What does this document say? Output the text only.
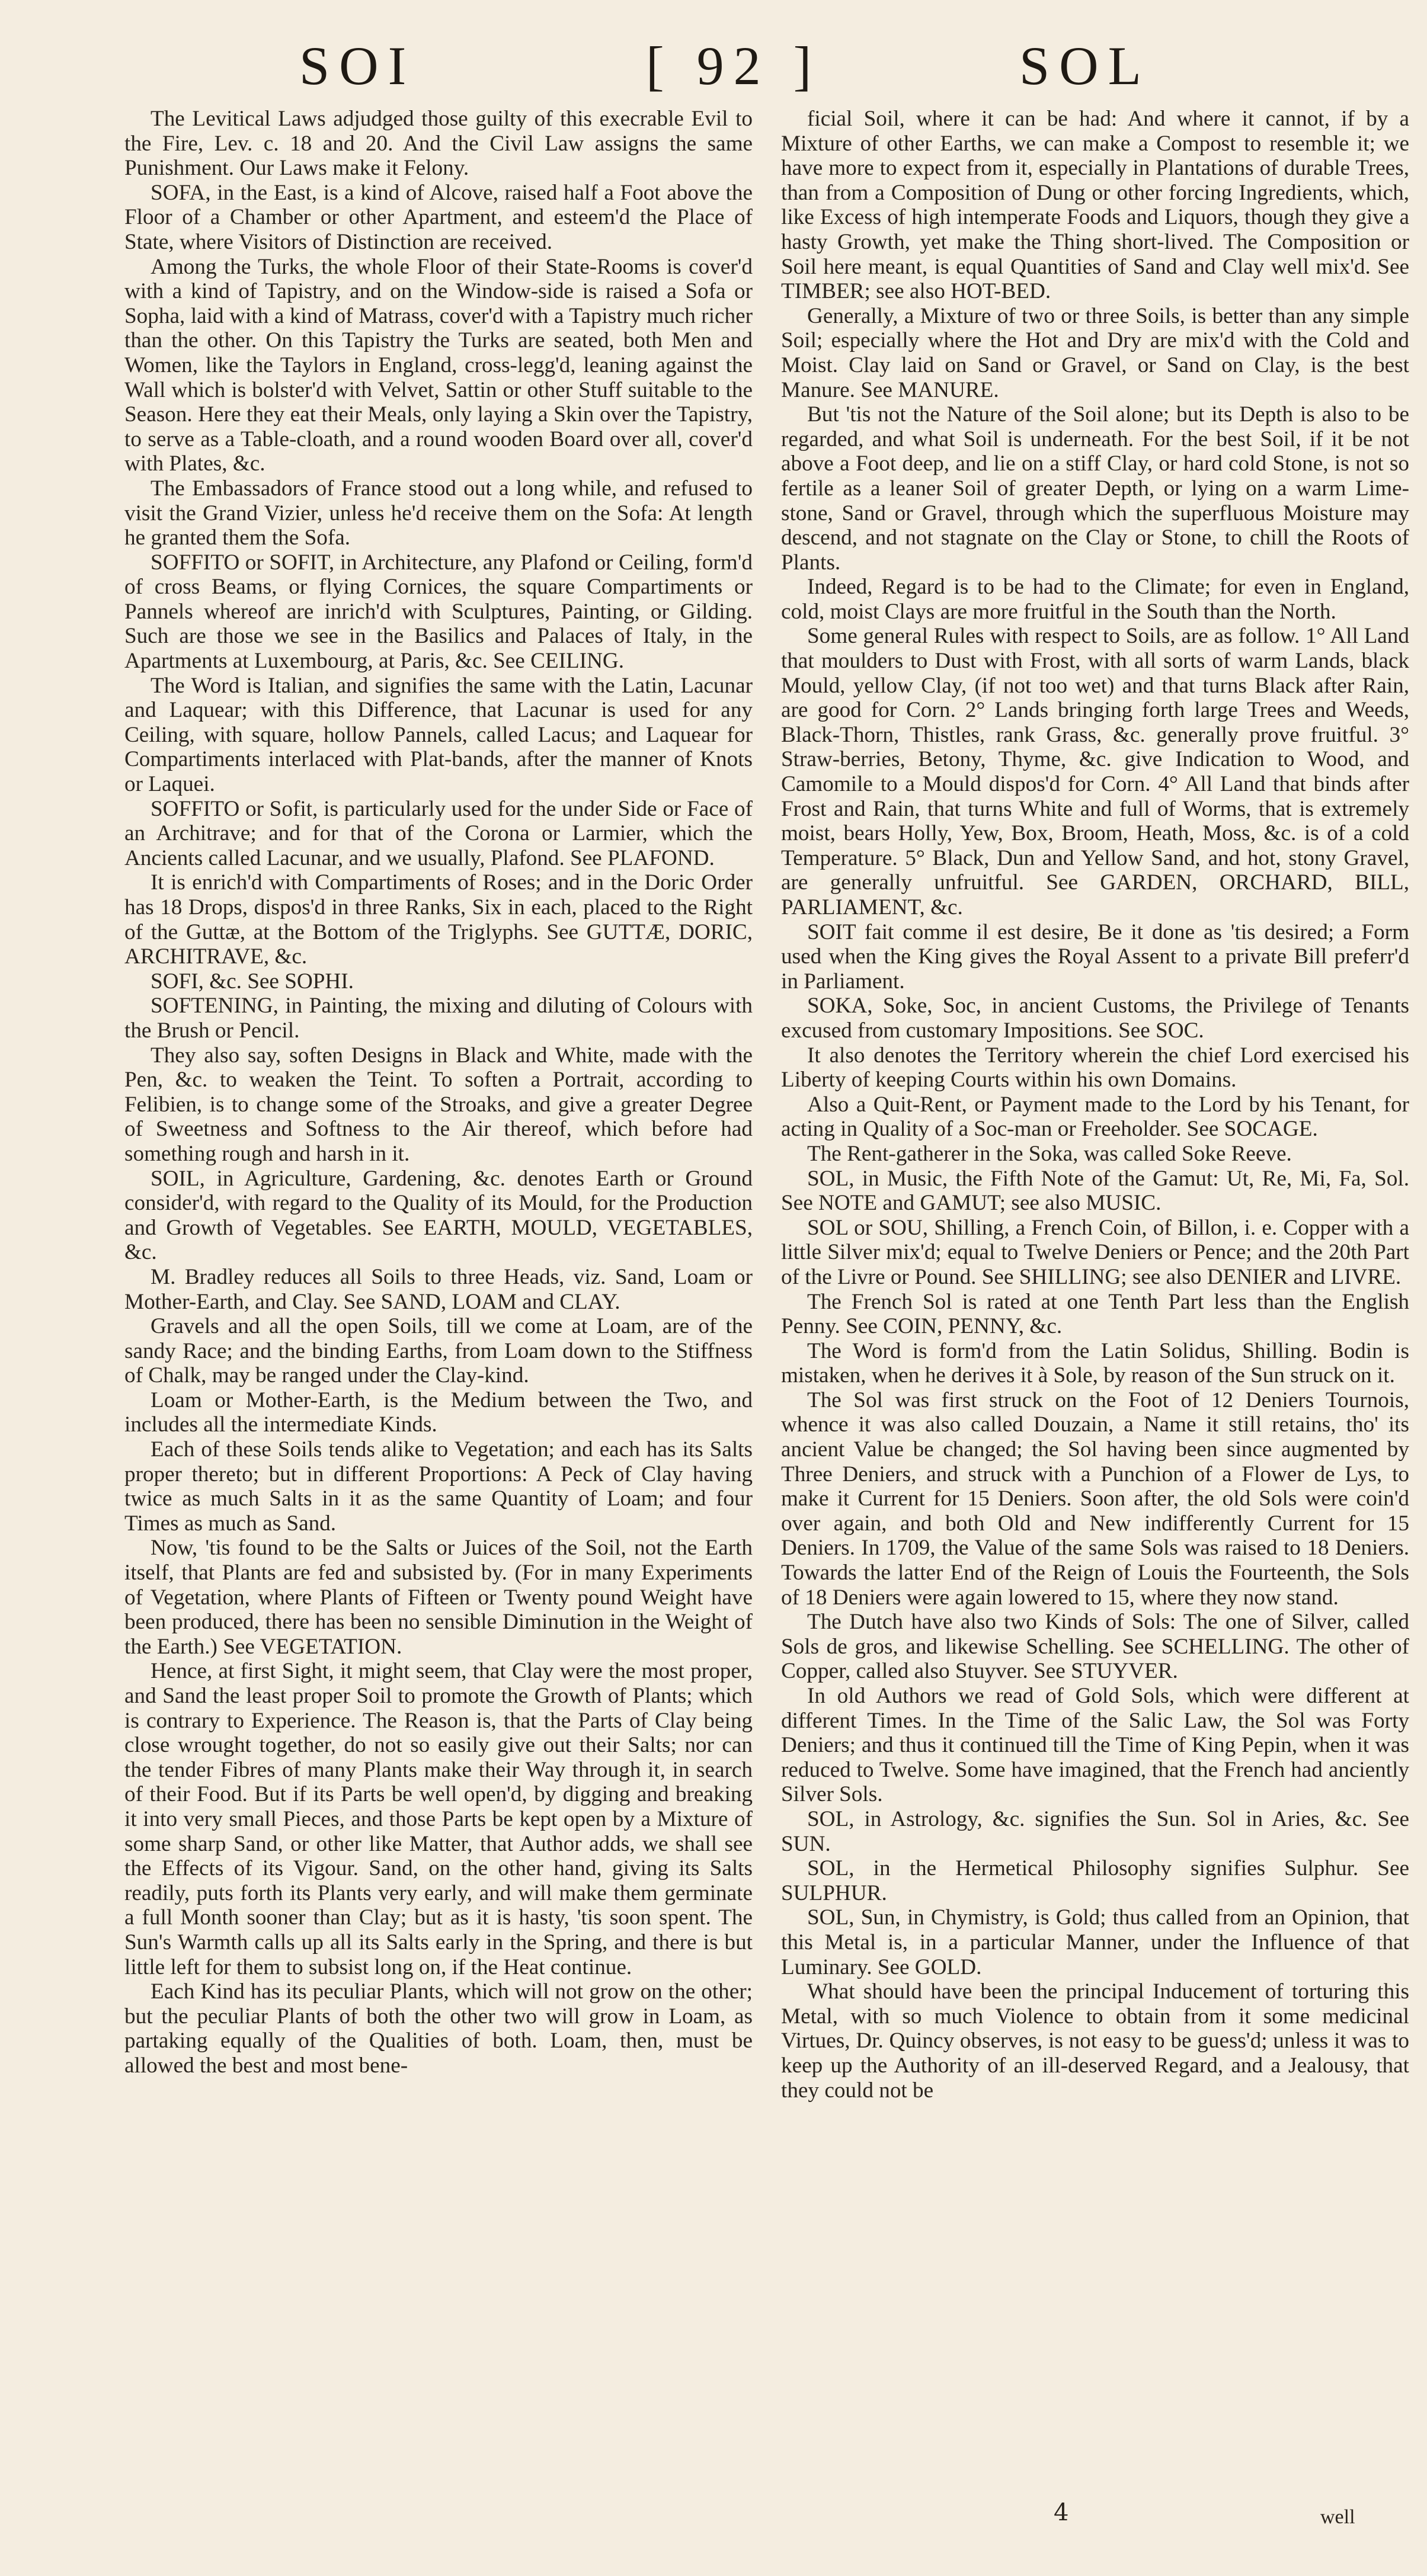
SOI	[ 92 ]	SOL

The Levitical Laws adjudged those guilty of this execrable Evil to the Fire, Lev. c. 18 and 20. And the Civil Law assigns the same Punishment. Our Laws make it Felony.

SOFA, in the East, is a kind of Alcove, raised half a Foot above the Floor of a Chamber or other Apartment, and esteem'd the Place of State, where Visitors of Distinction are received.

Among the Turks, the whole Floor of their State-Rooms is cover'd with a kind of Tapistry, and on the Window-side is raised a Sofa or Sopha, laid with a kind of Matrass, cover'd with a Tapistry much richer than the other. On this Tapistry the Turks are seated, both Men and Women, like the Taylors in England, cross-legg'd, leaning against the Wall which is bolster'd with Velvet, Sattin or other Stuff suitable to the Season. Here they eat their Meals, only laying a Skin over the Tapistry, to serve as a Table-cloath, and a round wooden Board over all, cover'd with Plates, &c.

The Embassadors of France stood out a long while, and refused to visit the Grand Vizier, unless he'd receive them on the Sofa: At length he granted them the Sofa.

SOFFITO or SOFIT, in Architecture, any Plafond or Ceiling, form'd of cross Beams, or flying Cornices, the square Compartiments or Pannels whereof are inrich'd with Sculptures, Painting, or Gilding. Such are those we see in the Basilics and Palaces of Italy, in the Apartments at Luxembourg, at Paris, &c. See CEILING.

The Word is Italian, and signifies the same with the Latin, Lacunar and Laquear; with this Difference, that Lacunar is used for any Ceiling, with square, hollow Pannels, called Lacus; and Laquear for Compartiments interlaced with Plat-bands, after the manner of Knots or Laquei.

SOFFITO or Sofit, is particularly used for the under Side or Face of an Architrave; and for that of the Corona or Larmier, which the Ancients called Lacunar, and we usually, Plafond. See PLAFOND.

It is enrich'd with Compartiments of Roses; and in the Doric Order has 18 Drops, dispos'd in three Ranks, Six in each, placed to the Right of the Guttæ, at the Bottom of the Triglyphs. See GUTTÆ, DORIC, ARCHITRAVE, &c.

SOFI, &c. See SOPHI.

SOFTENING, in Painting, the mixing and diluting of Colours with the Brush or Pencil.

They also say, soften Designs in Black and White, made with the Pen, &c. to weaken the Teint. To soften a Portrait, according to Felibien, is to change some of the Stroaks, and give a greater Degree of Sweetness and Softness to the Air thereof, which before had something rough and harsh in it.

SOIL, in Agriculture, Gardening, &c. denotes Earth or Ground consider'd, with regard to the Quality of its Mould, for the Production and Growth of Vegetables. See EARTH, MOULD, VEGETABLES, &c.

M. Bradley reduces all Soils to three Heads, viz. Sand, Loam or Mother-Earth, and Clay. See SAND, LOAM and CLAY.

Gravels and all the open Soils, till we come at Loam, are of the sandy Race; and the binding Earths, from Loam down to the Stiffness of Chalk, may be ranged under the Clay-kind.

Loam or Mother-Earth, is the Medium between the Two, and includes all the intermediate Kinds.

Each of these Soils tends alike to Vegetation; and each has its Salts proper thereto; but in different Proportions: A Peck of Clay having twice as much Salts in it as the same Quantity of Loam; and four Times as much as Sand.

Now, 'tis found to be the Salts or Juices of the Soil, not the Earth itself, that Plants are fed and subsisted by. (For in many Experiments of Vegetation, where Plants of Fifteen or Twenty pound Weight have been produced, there has been no sensible Diminution in the Weight of the Earth.) See VEGETATION.

Hence, at first Sight, it might seem, that Clay were the most proper, and Sand the least proper Soil to promote the Growth of Plants; which is contrary to Experience. The Reason is, that the Parts of Clay being close wrought together, do not so easily give out their Salts; nor can the tender Fibres of many Plants make their Way through it, in search of their Food. But if its Parts be well open'd, by digging and breaking it into very small Pieces, and those Parts be kept open by a Mixture of some sharp Sand, or other like Matter, that Author adds, we shall see the Effects of its Vigour. Sand, on the other hand, giving its Salts readily, puts forth its Plants very early, and will make them germinate a full Month sooner than Clay; but as it is hasty, 'tis soon spent. The Sun's Warmth calls up all its Salts early in the Spring, and there is but little left for them to subsist long on, if the Heat continue.

Each Kind has its peculiar Plants, which will not grow on the other; but the peculiar Plants of both the other two will grow in Loam, as partaking equally of the Qualities of both. Loam, then, must be allowed the best and most bene-

ficial Soil, where it can be had: And where it cannot, if by a Mixture of other Earths, we can make a Compost to resemble it; we have more to expect from it, especially in Plantations of durable Trees, than from a Composition of Dung or other forcing Ingredients, which, like Excess of high intemperate Foods and Liquors, though they give a hasty Growth, yet make the Thing short-lived. The Composition or Soil here meant, is equal Quantities of Sand and Clay well mix'd. See TIMBER; see also HOT-BED.

Generally, a Mixture of two or three Soils, is better than any simple Soil; especially where the Hot and Dry are mix'd with the Cold and Moist. Clay laid on Sand or Gravel, or Sand on Clay, is the best Manure. See MANURE.

But 'tis not the Nature of the Soil alone; but its Depth is also to be regarded, and what Soil is underneath. For the best Soil, if it be not above a Foot deep, and lie on a stiff Clay, or hard cold Stone, is not so fertile as a leaner Soil of greater Depth, or lying on a warm Lime-stone, Sand or Gravel, through which the superfluous Moisture may descend, and not stagnate on the Clay or Stone, to chill the Roots of Plants.

Indeed, Regard is to be had to the Climate; for even in England, cold, moist Clays are more fruitful in the South than the North.

Some general Rules with respect to Soils, are as follow. 1° All Land that moulders to Dust with Frost, with all sorts of warm Lands, black Mould, yellow Clay, (if not too wet) and that turns Black after Rain, are good for Corn. 2° Lands bringing forth large Trees and Weeds, Black-Thorn, Thistles, rank Grass, &c. generally prove fruitful. 3° Straw-berries, Betony, Thyme, &c. give Indication to Wood, and Camomile to a Mould dispos'd for Corn. 4° All Land that binds after Frost and Rain, that turns White and full of Worms, that is extremely moist, bears Holly, Yew, Box, Broom, Heath, Moss, &c. is of a cold Temperature. 5° Black, Dun and Yellow Sand, and hot, stony Gravel, are generally unfruitful. See GARDEN, ORCHARD, BILL, PARLIAMENT, &c.

SOIT fait comme il est desire, Be it done as 'tis desired; a Form used when the King gives the Royal Assent to a private Bill preferr'd in Parliament.

SOKA, Soke, Soc, in ancient Customs, the Privilege of Tenants excused from customary Impositions. See SOC.

It also denotes the Territory wherein the chief Lord exercised his Liberty of keeping Courts within his own Domains.

Also a Quit-Rent, or Payment made to the Lord by his Tenant, for acting in Quality of a Soc-man or Freeholder. See SOCAGE.

The Rent-gatherer in the Soka, was called Soke Reeve.

SOL, in Music, the Fifth Note of the Gamut: Ut, Re, Mi, Fa, Sol. See NOTE and GAMUT; see also MUSIC.

SOL or SOU, Shilling, a French Coin, of Billon, i. e. Copper with a little Silver mix'd; equal to Twelve Deniers or Pence; and the 20th Part of the Livre or Pound. See SHILLING; see also DENIER and LIVRE.

The French Sol is rated at one Tenth Part less than the English Penny. See COIN, PENNY, &c.

The Word is form'd from the Latin Solidus, Shilling. Bodin is mistaken, when he derives it à Sole, by reason of the Sun struck on it.

The Sol was first struck on the Foot of 12 Deniers Tournois, whence it was also called Douzain, a Name it still retains, tho' its ancient Value be changed; the Sol having been since augmented by Three Deniers, and struck with a Punchion of a Flower de Lys, to make it Current for 15 Deniers. Soon after, the old Sols were coin'd over again, and both Old and New indifferently Current for 15 Deniers. In 1709, the Value of the same Sols was raised to 18 Deniers. Towards the latter End of the Reign of Louis the Fourteenth, the Sols of 18 Deniers were again lowered to 15, where they now stand.

The Dutch have also two Kinds of Sols: The one of Silver, called Sols de gros, and likewise Schelling. See SCHELLING. The other of Copper, called also Stuyver. See STUYVER.

In old Authors we read of Gold Sols, which were different at different Times. In the Time of the Salic Law, the Sol was Forty Deniers; and thus it continued till the Time of King Pepin, when it was reduced to Twelve. Some have imagined, that the French had anciently Silver Sols.

SOL, in Astrology, &c. signifies the Sun. Sol in Aries, &c. See SUN.

SOL, in the Hermetical Philosophy signifies Sulphur. See SULPHUR.

SOL, Sun, in Chymistry, is Gold; thus called from an Opinion, that this Metal is, in a particular Manner, under the Influence of that Luminary. See GOLD.

What should have been the principal Inducement of torturing this Metal, with so much Violence to obtain from it some medicinal Virtues, Dr. Quincy observes, is not easy to be guess'd; unless it was to keep up the Authority of an ill-deserved Regard, and a Jealousy, that they could not be

4	well
